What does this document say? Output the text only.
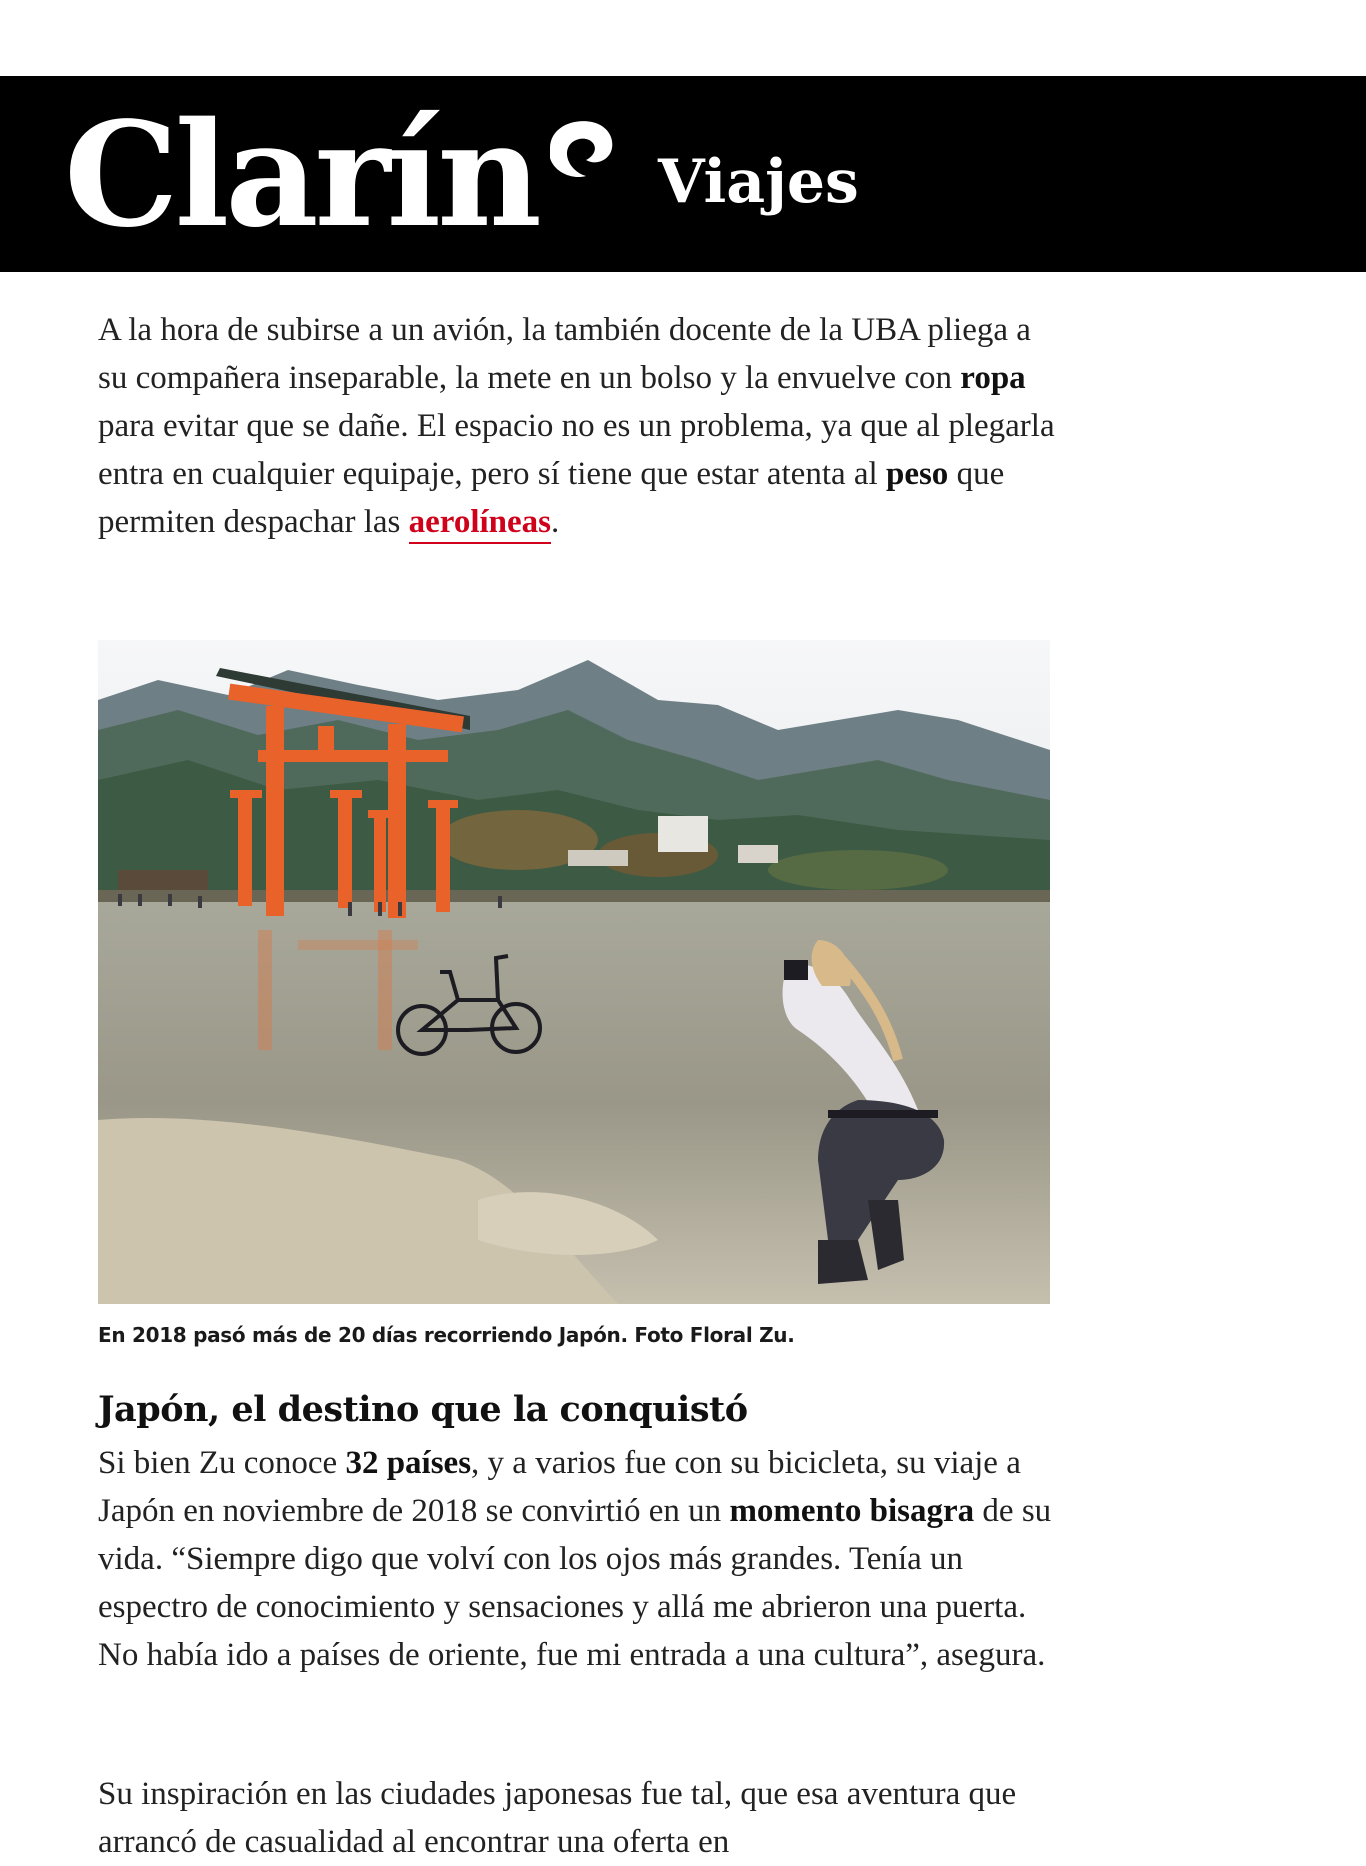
Clarín Viajes

A la hora de subirse a un avión, la también docente de la UBA pliega a su compañera inseparable, la mete en un bolso y la envuelve con ropa para evitar que se dañe. El espacio no es un problema, ya que al plegarla entra en cualquier equipaje, pero sí tiene que estar atenta al peso que permiten despachar las aerolíneas.

En 2018 pasó más de 20 días recorriendo Japón. Foto Floral Zu.
Japón, el destino que la conquistó

Si bien Zu conoce 32 países, y a varios fue con su bicicleta, su viaje a Japón en noviembre de 2018 se convirtió en un momento bisagra de su vida. “Siempre digo que volví con los ojos más grandes. Tenía un espectro de conocimiento y sensaciones y allá me abrieron una puerta. No había ido a países de oriente, fue mi entrada a una cultura”, asegura.

Su inspiración en las ciudades japonesas fue tal, que esa aventura que arrancó de casualidad al encontrar una oferta en
